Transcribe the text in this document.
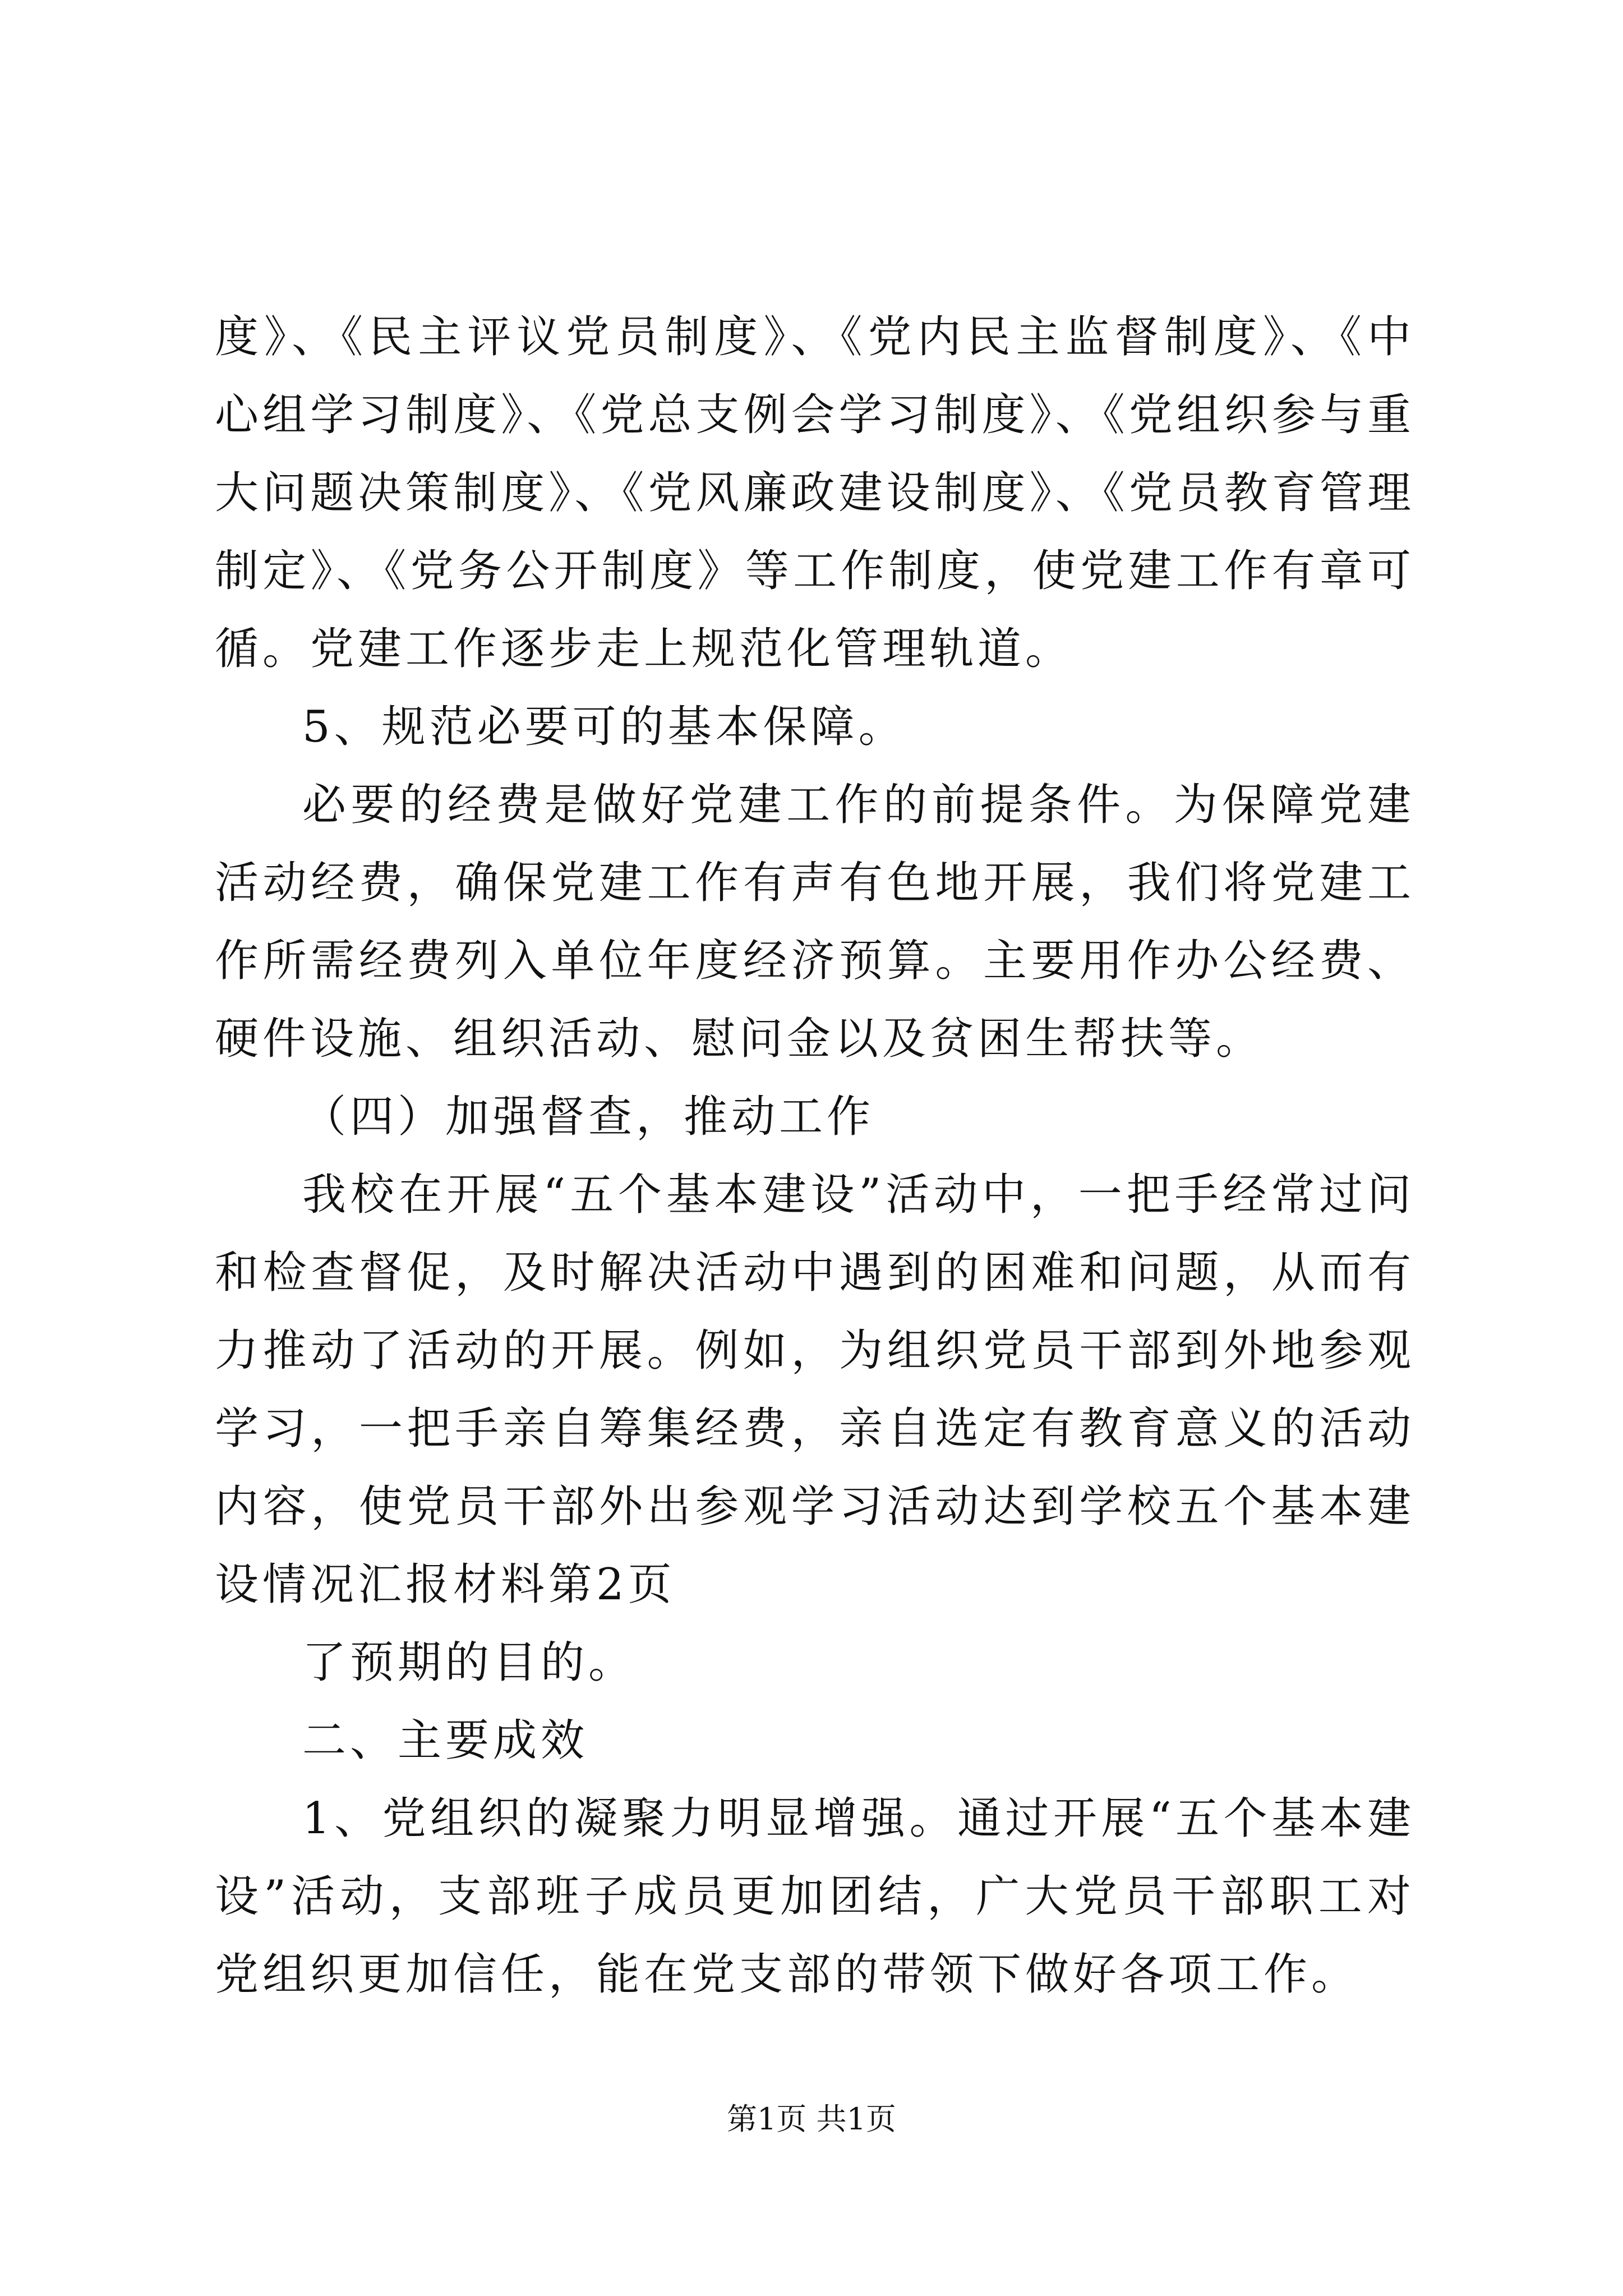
度》、《民主评议党员制度》、《党内民主监督制度》、《中心组学习制度》、《党总支例会学习制度》、《党组织参与重大问题决策制度》、《党风廉政建设制度》、《党员教育管理制定》、《党务公开制度》等工作制度，使党建工作有章可循。党建工作逐步走上规范化管理轨道。

5、规范必要可的基本保障。

必要的经费是做好党建工作的前提条件。为保障党建活动经费，确保党建工作有声有色地开展，我们将党建工作所需经费列入单位年度经济预算。主要用作办公经费、硬件设施、组织活动、慰问金以及贫困生帮扶等。

（四）加强督查，推动工作

我校在开展“五个基本建设”活动中，一把手经常过问和检查督促，及时解决活动中遇到的困难和问题，从而有力推动了活动的开展。例如，为组织党员干部到外地参观学习，一把手亲自筹集经费，亲自选定有教育意义的活动内容，使党员干部外出参观学习活动达到学校五个基本建设情况汇报材料第2页

了预期的目的。

二、主要成效

1、党组织的凝聚力明显增强。通过开展“五个基本建设”活动，支部班子成员更加团结，广大党员干部职工对党组织更加信任，能在党支部的带领下做好各项工作。

第1页 共1页
